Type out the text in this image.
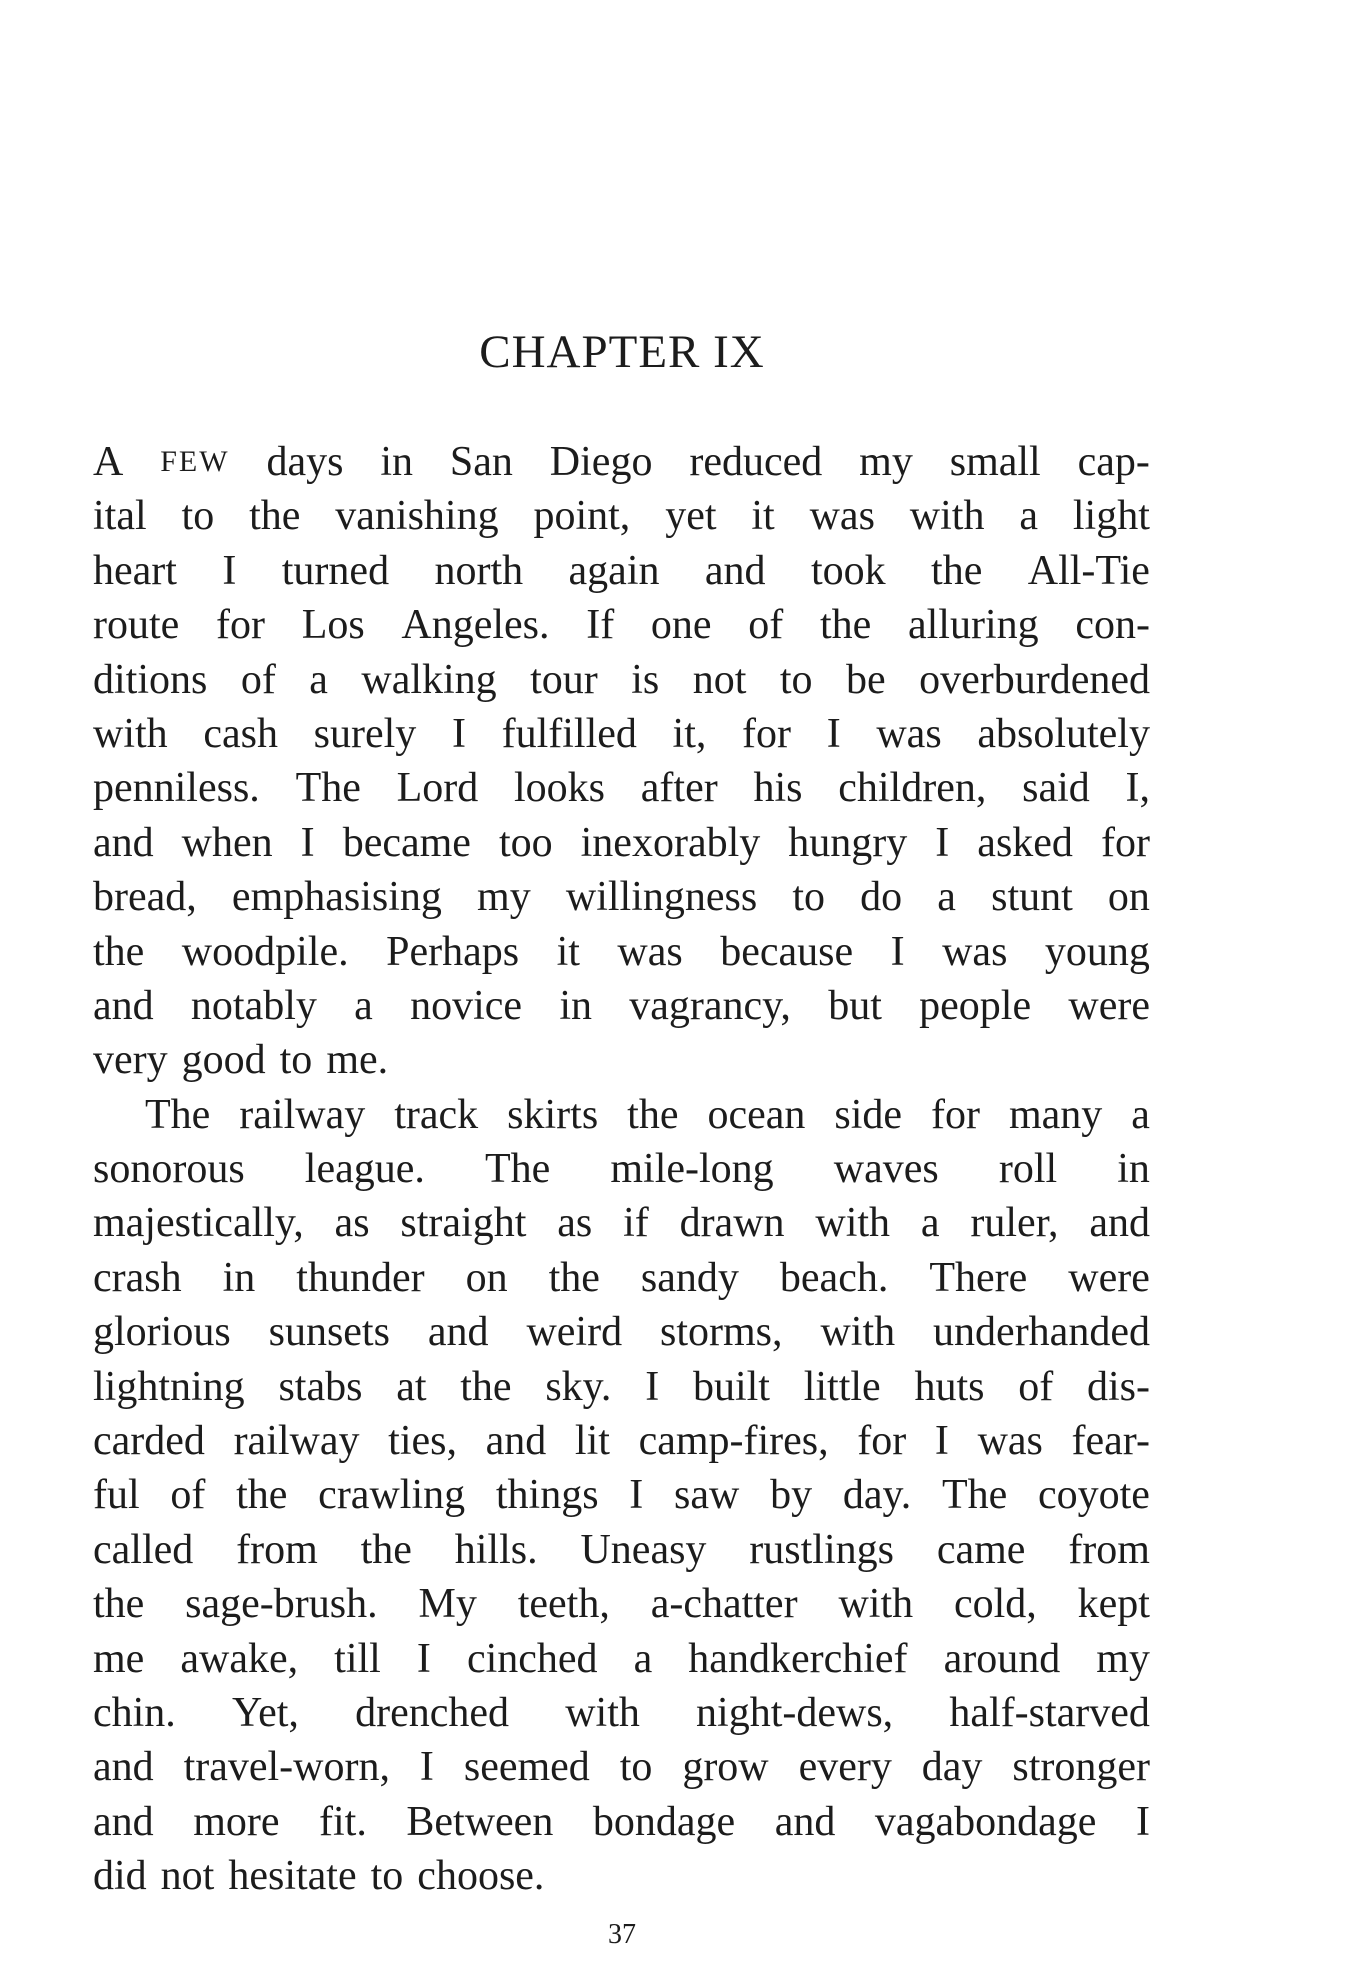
CHAPTER IX
A FEW days in San Diego reduced my small cap-
ital to the vanishing point, yet it was with a light
heart I turned north again and took the All-Tie
route for Los Angeles. If one of the alluring con-
ditions of a walking tour is not to be overburdened
with cash surely I fulfilled it, for I was absolutely
penniless. The Lord looks after his children, said I,
and when I became too inexorably hungry I asked for
bread, emphasising my willingness to do a stunt on
the woodpile. Perhaps it was because I was young
and notably a novice in vagrancy, but people were
very good to me.
The railway track skirts the ocean side for many a
sonorous league. The mile-long waves roll in
majestically, as straight as if drawn with a ruler, and
crash in thunder on the sandy beach. There were
glorious sunsets and weird storms, with underhanded
lightning stabs at the sky. I built little huts of dis-
carded railway ties, and lit camp-fires, for I was fear-
ful of the crawling things I saw by day. The coyote
called from the hills. Uneasy rustlings came from
the sage-brush. My teeth, a-chatter with cold, kept
me awake, till I cinched a handkerchief around my
chin. Yet, drenched with night-dews, half-starved
and travel-worn, I seemed to grow every day stronger
and more fit. Between bondage and vagabondage I
did not hesitate to choose.
37
